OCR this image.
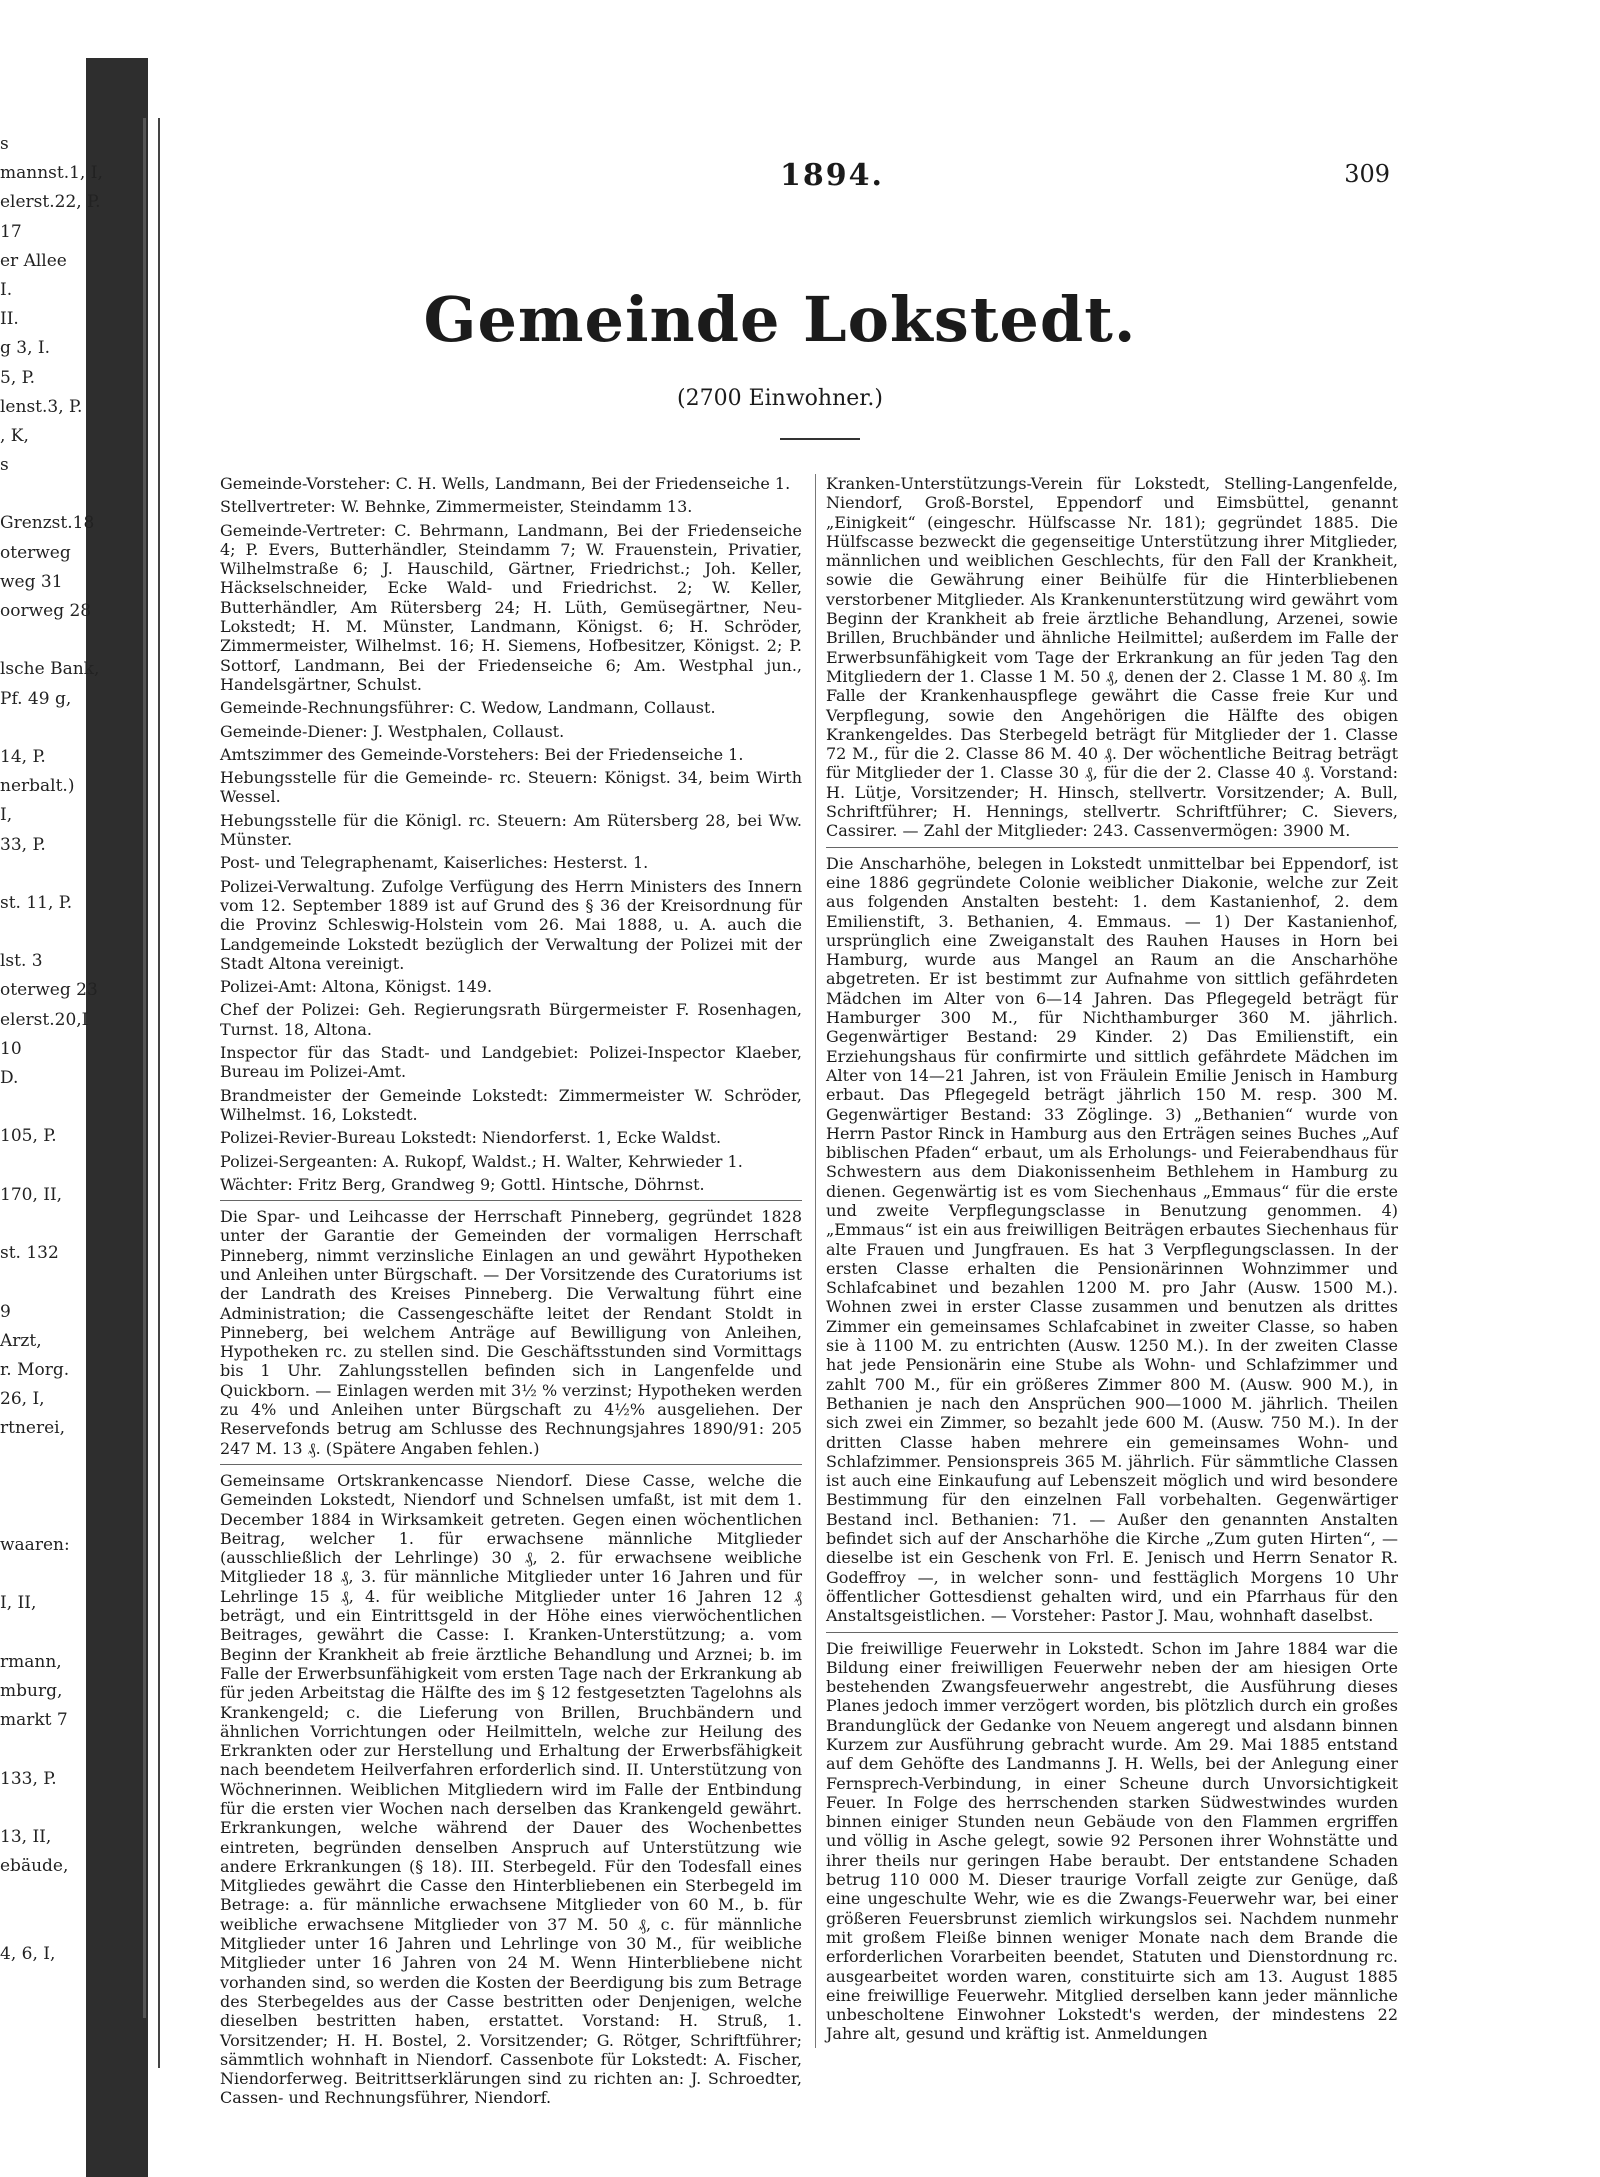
s
mannst.1, I,
elerst.22, P.
17
er Allee
I.
II.
g 3, I.
5, P.
lenst.3, P.
, K,
s
Grenzst.18
oterweg
weg 31
oorweg 28
lsche Bank,
Pf. 49 g,
14, P.
nerbalt.)
I,
33, P.
st. 11, P.
lst. 3
oterweg 23
elerst.20,I
10
D.
105, P.
170, II,
st. 132
9
Arzt,
r. Morg.
26, I,
rtnerei,
waaren:
I, II,
rmann,
mburg,
markt 7
133, P.
13, II,
ebäude,
4, 6, I,
1894.	309
Gemeinde Lokstedt.
(2700 Einwohner.)

Gemeinde-Vorsteher: C. H. Wells, Landmann, Bei der Friedenseiche 1.

Stellvertreter: W. Behnke, Zimmermeister, Steindamm 13.

Gemeinde-Vertreter: C. Behrmann, Landmann, Bei der Friedenseiche 4; P. Evers, Butterhändler, Steindamm 7; W. Frauenstein, Privatier, Wilhelmstraße 6; J. Hauschild, Gärtner, Friedrichst.; Joh. Keller, Häckselschneider, Ecke Wald- und Friedrichst. 2; W. Keller, Butterhändler, Am Rütersberg 24; H. Lüth, Gemüsegärtner, Neu-Lokstedt; H. M. Münster, Landmann, Königst. 6; H. Schröder, Zimmermeister, Wilhelmst. 16; H. Siemens, Hofbesitzer, Königst. 2; P. Sottorf, Landmann, Bei der Friedenseiche 6; Am. Westphal jun., Handelsgärtner, Schulst.

Gemeinde-Rechnungsführer: C. Wedow, Landmann, Collaust.

Gemeinde-Diener: J. Westphalen, Collaust.

Amtszimmer des Gemeinde-Vorstehers: Bei der Friedenseiche 1.

Hebungsstelle für die Gemeinde- rc. Steuern: Königst. 34, beim Wirth Wessel.

Hebungsstelle für die Königl. rc. Steuern: Am Rütersberg 28, bei Ww. Münster.

Post- und Telegraphenamt, Kaiserliches: Hesterst. 1.

Polizei-Verwaltung. Zufolge Verfügung des Herrn Ministers des Innern vom 12. September 1889 ist auf Grund des § 36 der Kreisordnung für die Provinz Schleswig-Holstein vom 26. Mai 1888, u. A. auch die Landgemeinde Lokstedt bezüglich der Verwaltung der Polizei mit der Stadt Altona vereinigt.

Polizei-Amt: Altona, Königst. 149.

Chef der Polizei: Geh. Regierungsrath Bürgermeister F. Rosenhagen, Turnst. 18, Altona.

Inspector für das Stadt- und Landgebiet: Polizei-Inspector Klaeber, Bureau im Polizei-Amt.

Brandmeister der Gemeinde Lokstedt: Zimmermeister W. Schröder, Wilhelmst. 16, Lokstedt.

Polizei-Revier-Bureau Lokstedt: Niendorferst. 1, Ecke Waldst.

Polizei-Sergeanten: A. Rukopf, Waldst.; H. Walter, Kehrwieder 1.

Wächter: Fritz Berg, Grandweg 9; Gottl. Hintsche, Döhrnst.

Die Spar- und Leihcasse der Herrschaft Pinneberg, gegründet 1828 unter der Garantie der Gemeinden der vormaligen Herrschaft Pinneberg, nimmt verzinsliche Einlagen an und gewährt Hypotheken und Anleihen unter Bürgschaft. — Der Vorsitzende des Curatoriums ist der Landrath des Kreises Pinneberg. Die Verwaltung führt eine Administration; die Cassengeschäfte leitet der Rendant Stoldt in Pinneberg, bei welchem Anträge auf Bewilligung von Anleihen, Hypotheken rc. zu stellen sind. Die Geschäftsstunden sind Vormittags bis 1 Uhr. Zahlungsstellen befinden sich in Langenfelde und Quickborn. — Einlagen werden mit 3½ % verzinst; Hypotheken werden zu 4% und Anleihen unter Bürgschaft zu 4½% ausgeliehen. Der Reservefonds betrug am Schlusse des Rechnungsjahres 1890/91: 205 247 M. 13 ₰. (Spätere Angaben fehlen.)

Gemeinsame Ortskrankencasse Niendorf. Diese Casse, welche die Gemeinden Lokstedt, Niendorf und Schnelsen umfaßt, ist mit dem 1. December 1884 in Wirksamkeit getreten. Gegen einen wöchentlichen Beitrag, welcher 1. für erwachsene männliche Mitglieder (ausschließlich der Lehrlinge) 30 ₰, 2. für erwachsene weibliche Mitglieder 18 ₰, 3. für männliche Mitglieder unter 16 Jahren und für Lehrlinge 15 ₰, 4. für weibliche Mitglieder unter 16 Jahren 12 ₰ beträgt, und ein Eintrittsgeld in der Höhe eines vierwöchentlichen Beitrages, gewährt die Casse: I. Kranken-Unterstützung; a. vom Beginn der Krankheit ab freie ärztliche Behandlung und Arznei; b. im Falle der Erwerbsunfähigkeit vom ersten Tage nach der Erkrankung ab für jeden Arbeitstag die Hälfte des im § 12 festgesetzten Tagelohns als Krankengeld; c. die Lieferung von Brillen, Bruchbändern und ähnlichen Vorrichtungen oder Heilmitteln, welche zur Heilung des Erkrankten oder zur Herstellung und Erhaltung der Erwerbsfähigkeit nach beendetem Heilverfahren erforderlich sind. II. Unterstützung von Wöchnerinnen. Weiblichen Mitgliedern wird im Falle der Entbindung für die ersten vier Wochen nach derselben das Krankengeld gewährt. Erkrankungen, welche während der Dauer des Wochenbettes eintreten, begründen denselben Anspruch auf Unterstützung wie andere Erkrankungen (§ 18). III. Sterbegeld. Für den Todesfall eines Mitgliedes gewährt die Casse den Hinterbliebenen ein Sterbegeld im Betrage: a. für männliche erwachsene Mitglieder von 60 M., b. für weibliche erwachsene Mitglieder von 37 M. 50 ₰, c. für männliche Mitglieder unter 16 Jahren und Lehrlinge von 30 M., für weibliche Mitglieder unter 16 Jahren von 24 M. Wenn Hinterbliebene nicht vorhanden sind, so werden die Kosten der Beerdigung bis zum Betrage des Sterbegeldes aus der Casse bestritten oder Denjenigen, welche dieselben bestritten haben, erstattet. Vorstand: H. Struß, 1. Vorsitzender; H. H. Bostel, 2. Vorsitzender; G. Rötger, Schriftführer; sämmtlich wohnhaft in Niendorf. Cassenbote für Lokstedt: A. Fischer, Niendorferweg. Beitrittserklärungen sind zu richten an: J. Schroedter, Cassen- und Rechnungsführer, Niendorf.

Kranken-Unterstützungs-Verein für Lokstedt, Stelling-Langenfelde, Niendorf, Groß-Borstel, Eppendorf und Eimsbüttel, genannt „Einigkeit“ (eingeschr. Hülfscasse Nr. 181); gegründet 1885. Die Hülfscasse bezweckt die gegenseitige Unterstützung ihrer Mitglieder, männlichen und weiblichen Geschlechts, für den Fall der Krankheit, sowie die Gewährung einer Beihülfe für die Hinterbliebenen verstorbener Mitglieder. Als Krankenunterstützung wird gewährt vom Beginn der Krankheit ab freie ärztliche Behandlung, Arzenei, sowie Brillen, Bruchbänder und ähnliche Heilmittel; außerdem im Falle der Erwerbsunfähigkeit vom Tage der Erkrankung an für jeden Tag den Mitgliedern der 1. Classe 1 M. 50 ₰, denen der 2. Classe 1 M. 80 ₰. Im Falle der Krankenhauspflege gewährt die Casse freie Kur und Verpflegung, sowie den Angehörigen die Hälfte des obigen Krankengeldes. Das Sterbegeld beträgt für Mitglieder der 1. Classe 72 M., für die 2. Classe 86 M. 40 ₰. Der wöchentliche Beitrag beträgt für Mitglieder der 1. Classe 30 ₰, für die der 2. Classe 40 ₰. Vorstand: H. Lütje, Vorsitzender; H. Hinsch, stellvertr. Vorsitzender; A. Bull, Schriftführer; H. Hennings, stellvertr. Schriftführer; C. Sievers, Cassirer. — Zahl der Mitglieder: 243. Cassenvermögen: 3900 M.

Die Anscharhöhe, belegen in Lokstedt unmittelbar bei Eppendorf, ist eine 1886 gegründete Colonie weiblicher Diakonie, welche zur Zeit aus folgenden Anstalten besteht: 1. dem Kastanienhof, 2. dem Emilienstift, 3. Bethanien, 4. Emmaus. — 1) Der Kastanienhof, ursprünglich eine Zweiganstalt des Rauhen Hauses in Horn bei Hamburg, wurde aus Mangel an Raum an die Anscharhöhe abgetreten. Er ist bestimmt zur Aufnahme von sittlich gefährdeten Mädchen im Alter von 6—14 Jahren. Das Pflegegeld beträgt für Hamburger 300 M., für Nichthamburger 360 M. jährlich. Gegenwärtiger Bestand: 29 Kinder. 2) Das Emilienstift, ein Erziehungshaus für confirmirte und sittlich gefährdete Mädchen im Alter von 14—21 Jahren, ist von Fräulein Emilie Jenisch in Hamburg erbaut. Das Pflegegeld beträgt jährlich 150 M. resp. 300 M. Gegenwärtiger Bestand: 33 Zöglinge. 3) „Bethanien“ wurde von Herrn Pastor Rinck in Hamburg aus den Erträgen seines Buches „Auf biblischen Pfaden“ erbaut, um als Erholungs- und Feierabendhaus für Schwestern aus dem Diakonissenheim Bethlehem in Hamburg zu dienen. Gegenwärtig ist es vom Siechenhaus „Emmaus“ für die erste und zweite Verpflegungsclasse in Benutzung genommen. 4) „Emmaus“ ist ein aus freiwilligen Beiträgen erbautes Siechenhaus für alte Frauen und Jungfrauen. Es hat 3 Verpflegungsclassen. In der ersten Classe erhalten die Pensionärinnen Wohnzimmer und Schlafcabinet und bezahlen 1200 M. pro Jahr (Ausw. 1500 M.). Wohnen zwei in erster Classe zusammen und benutzen als drittes Zimmer ein gemeinsames Schlafcabinet in zweiter Classe, so haben sie à 1100 M. zu entrichten (Ausw. 1250 M.). In der zweiten Classe hat jede Pensionärin eine Stube als Wohn- und Schlafzimmer und zahlt 700 M., für ein größeres Zimmer 800 M. (Ausw. 900 M.), in Bethanien je nach den Ansprüchen 900—1000 M. jährlich. Theilen sich zwei ein Zimmer, so bezahlt jede 600 M. (Ausw. 750 M.). In der dritten Classe haben mehrere ein gemeinsames Wohn- und Schlafzimmer. Pensionspreis 365 M. jährlich. Für sämmtliche Classen ist auch eine Einkaufung auf Lebenszeit möglich und wird besondere Bestimmung für den einzelnen Fall vorbehalten. Gegenwärtiger Bestand incl. Bethanien: 71. — Außer den genannten Anstalten befindet sich auf der Anscharhöhe die Kirche „Zum guten Hirten“, — dieselbe ist ein Geschenk von Frl. E. Jenisch und Herrn Senator R. Godeffroy —, in welcher sonn- und festtäglich Morgens 10 Uhr öffentlicher Gottesdienst gehalten wird, und ein Pfarrhaus für den Anstaltsgeistlichen. — Vorsteher: Pastor J. Mau, wohnhaft daselbst.

Die freiwillige Feuerwehr in Lokstedt. Schon im Jahre 1884 war die Bildung einer freiwilligen Feuerwehr neben der am hiesigen Orte bestehenden Zwangsfeuerwehr angestrebt, die Ausführung dieses Planes jedoch immer verzögert worden, bis plötzlich durch ein großes Brandunglück der Gedanke von Neuem angeregt und alsdann binnen Kurzem zur Ausführung gebracht wurde. Am 29. Mai 1885 entstand auf dem Gehöfte des Landmanns J. H. Wells, bei der Anlegung einer Fernsprech-Verbindung, in einer Scheune durch Unvorsichtigkeit Feuer. In Folge des herrschenden starken Südwestwindes wurden binnen einiger Stunden neun Gebäude von den Flammen ergriffen und völlig in Asche gelegt, sowie 92 Personen ihrer Wohnstätte und ihrer theils nur geringen Habe beraubt. Der entstandene Schaden betrug 110 000 M. Dieser traurige Vorfall zeigte zur Genüge, daß eine ungeschulte Wehr, wie es die Zwangs-Feuerwehr war, bei einer größeren Feuersbrunst ziemlich wirkungslos sei. Nachdem nunmehr mit großem Fleiße binnen weniger Monate nach dem Brande die erforderlichen Vorarbeiten beendet, Statuten und Dienstordnung rc. ausgearbeitet worden waren, constituirte sich am 13. August 1885 eine freiwillige Feuerwehr. Mitglied derselben kann jeder männliche unbescholtene Einwohner Lokstedt's werden, der mindestens 22 Jahre alt, gesund und kräftig ist. Anmeldungen
